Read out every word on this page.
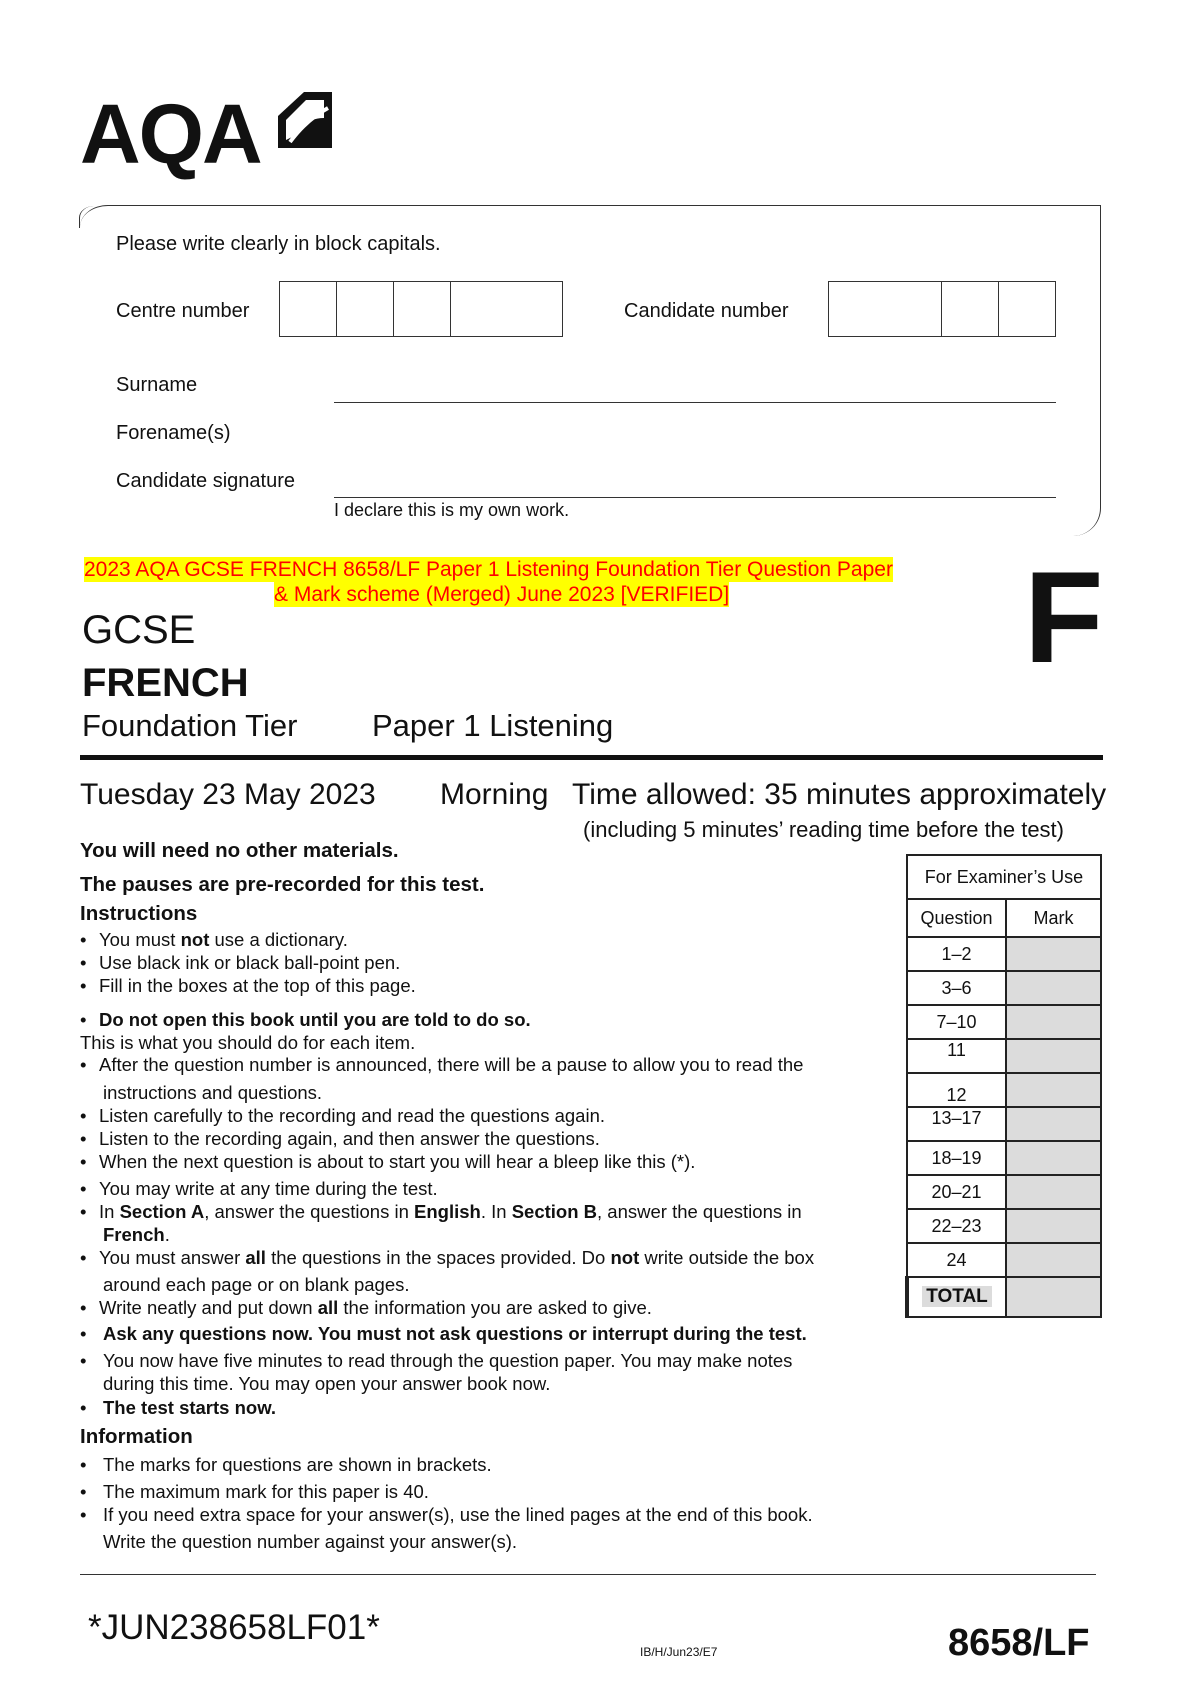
AQA
Please write clearly in block capitals.
Centre number	Candidate number
Surname
Forename(s)
Candidate signature
I declare this is my own work.
2023 AQA GCSE FRENCH 8658/LF Paper 1 Listening Foundation Tier Question Paper
& Mark scheme (Merged) June 2023 [VERIFIED] F
GCSE
FRENCH
Foundation Tier Paper 1 Listening
Tuesday 23 May 2023 Morning Time allowed: 35 minutes approximately
(including 5 minutes’ reading time before the test)
You will need no other materials.
The pauses are pre-recorded for this test.
Instructions
• You must not use a dictionary.
• Use black ink or black ball-point pen.
• Fill in the boxes at the top of this page.
• Do not open this book until you are told to do so.
This is what you should do for each item.
• After the question number is announced, there will be a pause to allow you to read the
instructions and questions.
• Listen carefully to the recording and read the questions again.
• Listen to the recording again, and then answer the questions.
• When the next question is about to start you will hear a bleep like this (*).
• You may write at any time during the test.
• In Section A, answer the questions in English. In Section B, answer the questions in
French.
• You must answer all the questions in the spaces provided. Do not write outside the box
around each page or on blank pages.
• Write neatly and put down all the information you are asked to give.
• Ask any questions now. You must not ask questions or interrupt during the test.
• You now have five minutes to read through the question paper. You may make notes
during this time. You may open your answer book now.
• The test starts now.
Information
• The marks for questions are shown in brackets.
• The maximum mark for this paper is 40.
• If you need extra space for your answer(s), use the lined pages at the end of this book.
Write the question number against your answer(s).
For Examiner’s Use	
Question	Mark
1–2	
3–6	
7–10	
11	
12	
13–17	
18–19	
20–21	
22–23	
24	
TOTAL	
*JUN238658LF01*
IB/H/Jun23/E7	8658/LF
